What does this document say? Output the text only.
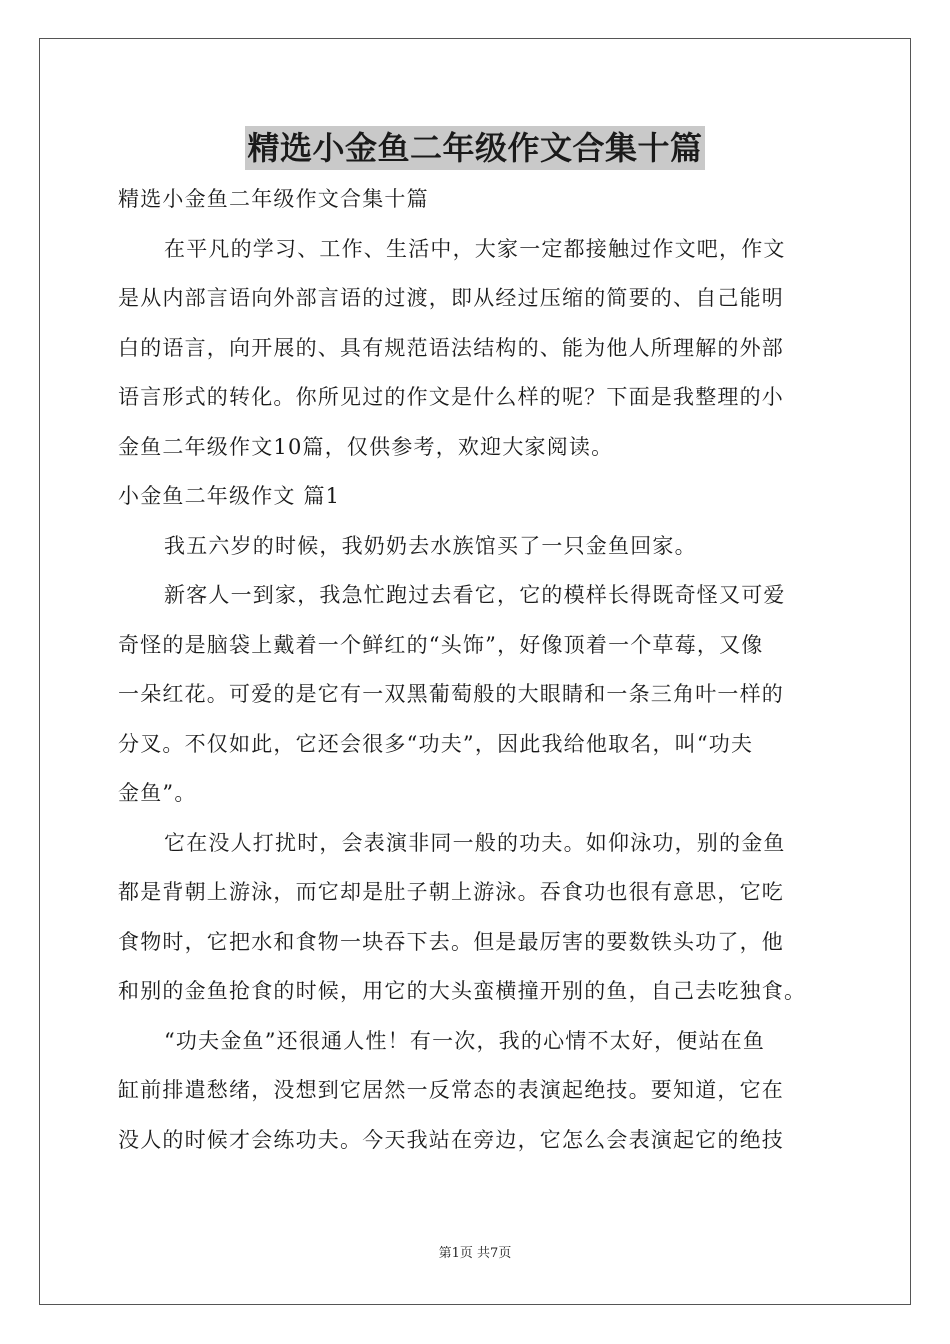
精选小金鱼二年级作文合集十篇
精选小金鱼二年级作文合集十篇
在平凡的学习、工作、生活中，大家一定都接触过作文吧，作文
是从内部言语向外部言语的过渡，即从经过压缩的简要的、自己能明
白的语言，向开展的、具有规范语法结构的、能为他人所理解的外部
语言形式的转化。你所见过的作文是什么样的呢？下面是我整理的小
金鱼二年级作文10篇，仅供参考，欢迎大家阅读。
小金鱼二年级作文 篇1
我五六岁的时候，我奶奶去水族馆买了一只金鱼回家。
新客人一到家，我急忙跑过去看它，它的模样长得既奇怪又可爱
奇怪的是脑袋上戴着一个鲜红的“头饰”，好像顶着一个草莓，又像
一朵红花。可爱的是它有一双黑葡萄般的大眼睛和一条三角叶一样的
分叉。不仅如此，它还会很多“功夫”，因此我给他取名，叫“功夫
金鱼”。
它在没人打扰时，会表演非同一般的功夫。如仰泳功，别的金鱼
都是背朝上游泳，而它却是肚子朝上游泳。吞食功也很有意思，它吃
食物时，它把水和食物一块吞下去。但是最厉害的要数铁头功了，他
和别的金鱼抢食的时候，用它的大头蛮横撞开别的鱼，自己去吃独食。
“功夫金鱼”还很通人性！有一次，我的心情不太好，便站在鱼
缸前排遣愁绪，没想到它居然一反常态的表演起绝技。要知道，它在
没人的时候才会练功夫。今天我站在旁边，它怎么会表演起它的绝技
第1页 共7页
